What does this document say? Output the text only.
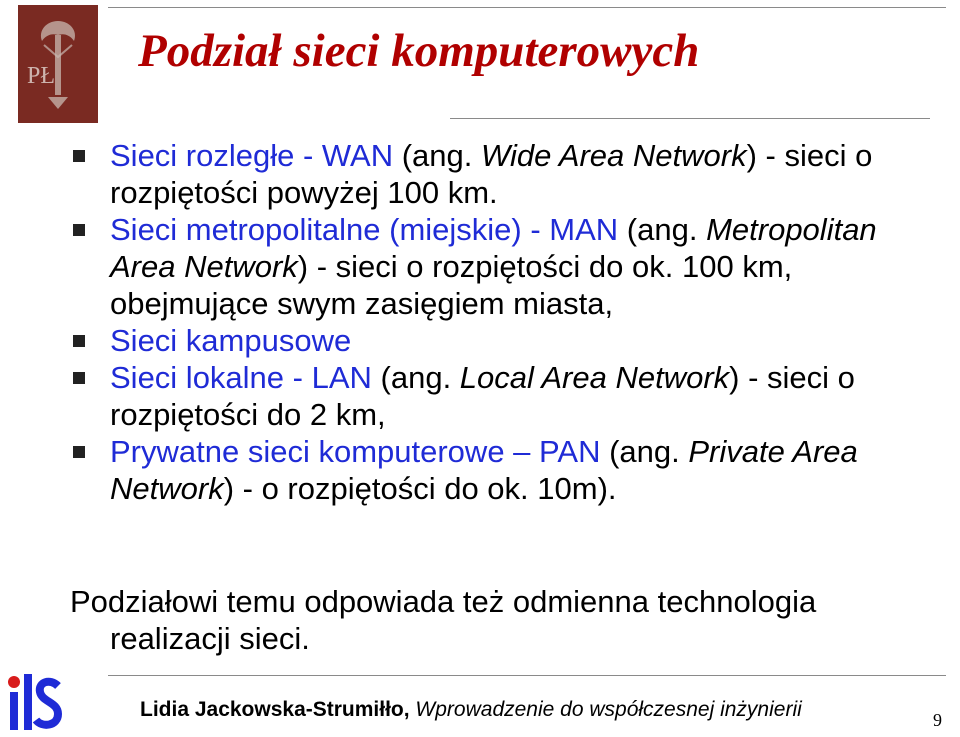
PŁ Podział sieci komputerowych
Sieci rozległe - WAN (ang. Wide Area Network) - sieci o rozpiętości powyżej 100 km.
Sieci metropolitalne (miejskie) - MAN (ang. Metropolitan Area Network) - sieci o rozpiętości do ok. 100 km, obejmujące swym zasięgiem miasta,
Sieci kampusowe
Sieci lokalne - LAN (ang. Local Area Network) - sieci o rozpiętości do 2 km,
Prywatne sieci komputerowe – PAN (ang. Private Area Network) - o rozpiętości do ok. 10m).

Podziałowi temu odpowiada też odmienna technologia
realizacji sieci.

Lidia Jackowska-Strumiłło, Wprowadzenie do współczesnej inżynierii	9
